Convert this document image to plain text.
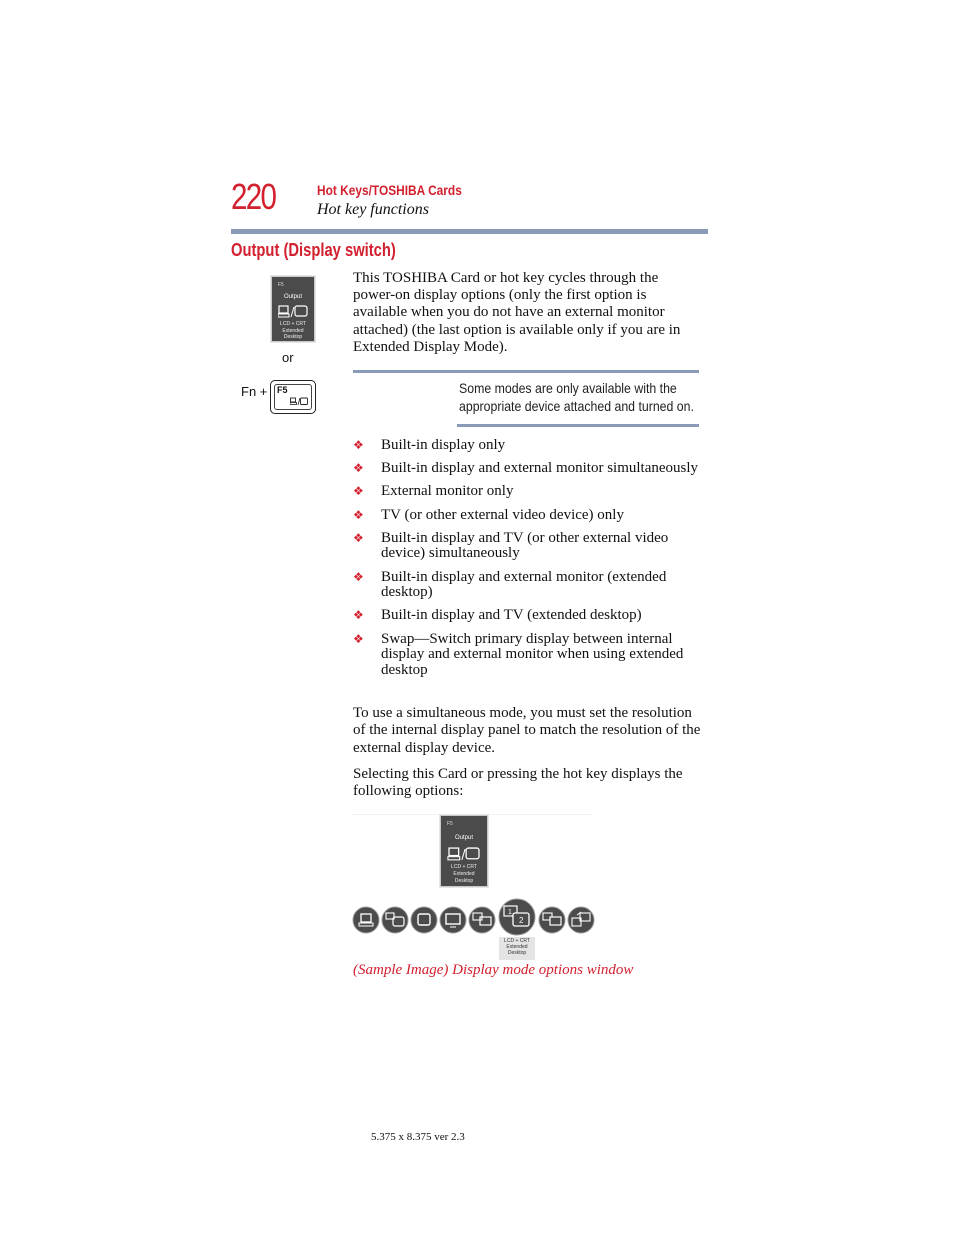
220	Hot Keys/TOSHIBA Cards
Hot key functions
Output (Display switch)
F5
Output
LCD + CRT
Extended
Desktop
or
Fn + F5
This TOSHIBA Card or hot key cycles through the power-on display options (only the first option is available when you do not have an external monitor attached) (the last option is available only if you are in Extended Display Mode).
Some modes are only available with the appropriate device attached and turned on.
❖ Built-in display only
❖ Built-in display and external monitor simultaneously
❖ External monitor only
❖ TV (or other external video device) only
❖ Built-in display and TV (or other external video device) simultaneously
❖ Built-in display and external monitor (extended desktop)
❖ Built-in display and TV (extended desktop)
❖ Swap—Switch primary display between internal display and external monitor when using extended desktop
To use a simultaneous mode, you must set the resolution of the internal display panel to match the resolution of the external display device.
Selecting this Card or pressing the hot key displays the following options:
F5
Output
LCD + CRT
Extended
Desktop
1
2
LCD + CRT
Extended
Desktop
(Sample Image) Display mode options window
5.375 x 8.375 ver 2.3
